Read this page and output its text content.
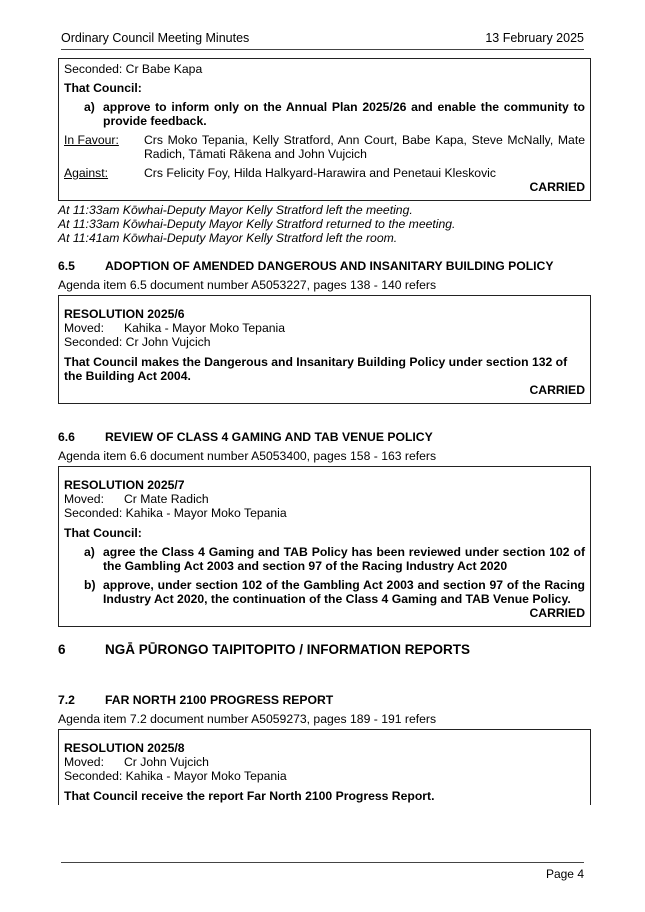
Ordinary Council Meeting Minutes	13 February 2025

Seconded: Cr Babe Kapa

That Council:

a) approve to inform only on the Annual Plan 2025/26 and enable the community to provide feedback.
In Favour:	Crs Moko Tepania, Kelly Stratford, Ann Court, Babe Kapa, Steve McNally, Mate Radich, Tāmati Rākena and John Vujcich
Against:	Crs Felicity Foy, Hilda Halkyard-Harawira and Penetaui Kleskovic

CARRIED

At 11:33am Kōwhai-Deputy Mayor Kelly Stratford left the meeting.
At 11:33am Kōwhai-Deputy Mayor Kelly Stratford returned to the meeting.
At 11:41am Kōwhai-Deputy Mayor Kelly Stratford left the room.
6.5	ADOPTION OF AMENDED DANGEROUS AND INSANITARY BUILDING POLICY
Agenda item 6.5 document number A5053227, pages 138 - 140 refers

RESOLUTION 2025/6

Moved:	Kahika - Mayor Moko Tepania

Seconded: Cr John Vujcich

That Council makes the Dangerous and Insanitary Building Policy under section 132 of the Building Act 2004.

CARRIED

6.6	REVIEW OF CLASS 4 GAMING AND TAB VENUE POLICY
Agenda item 6.6 document number A5053400, pages 158 - 163 refers

RESOLUTION 2025/7

Moved:	Cr Mate Radich

Seconded: Kahika - Mayor Moko Tepania

That Council:

a) agree the Class 4 Gaming and TAB Policy has been reviewed under section 102 of the Gambling Act 2003 and section 97 of the Racing Industry Act 2020
b) approve, under section 102 of the Gambling Act 2003 and section 97 of the Racing Industry Act 2020, the continuation of the Class 4 Gaming and TAB Venue Policy.

CARRIED

6	NGĀ PŪRONGO TAIPITOPITO / INFORMATION REPORTS
7.2	FAR NORTH 2100 PROGRESS REPORT
Agenda item 7.2 document number A5059273, pages 189 - 191 refers

RESOLUTION 2025/8

Moved:	Cr John Vujcich

Seconded: Kahika - Mayor Moko Tepania

That Council receive the report Far North 2100 Progress Report.

Page 4
